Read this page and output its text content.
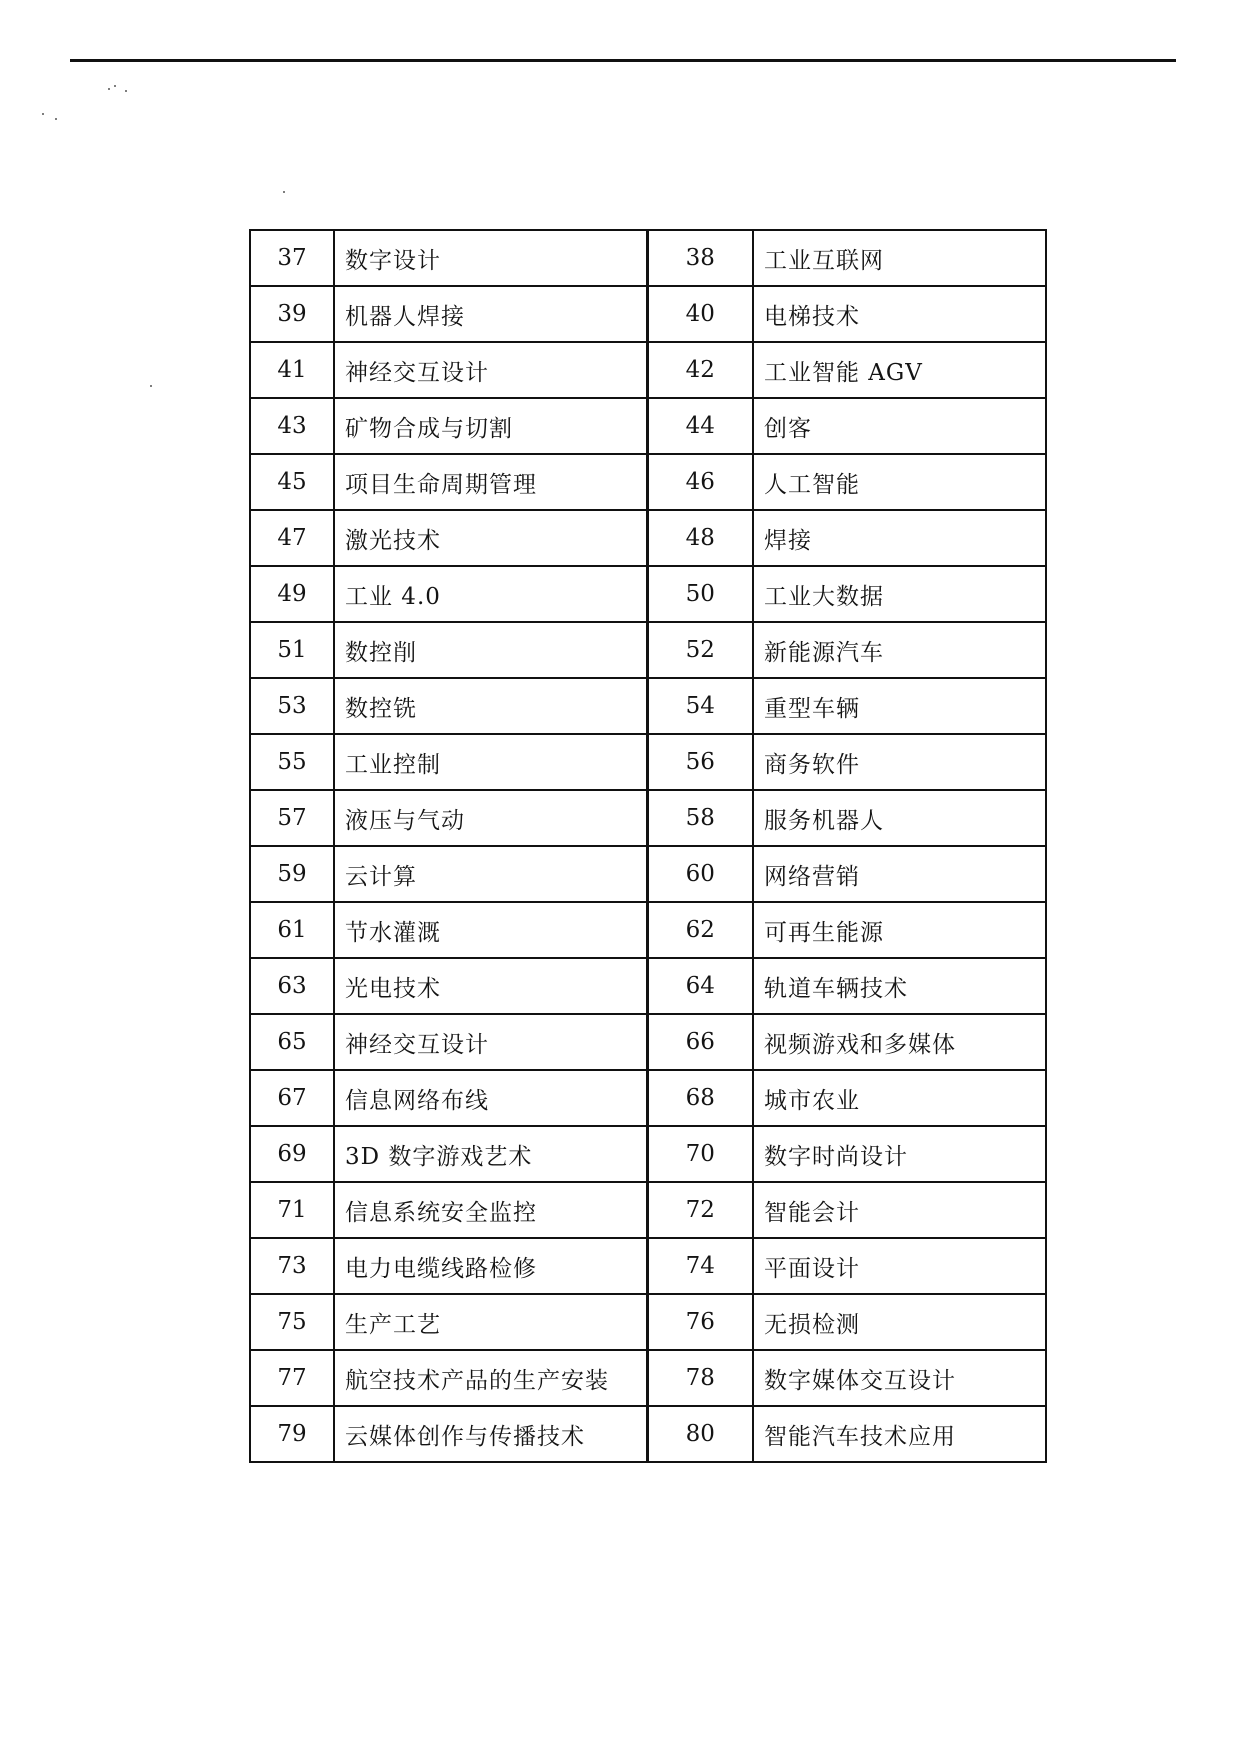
37	数字设计	38	工业互联网
39	机器人焊接	40	电梯技术
41	神经交互设计	42	工业智能 AGV
43	矿物合成与切割	44	创客
45	项目生命周期管理	46	人工智能
47	激光技术	48	焊接
49	工业 4.0	50	工业大数据
51	数控削	52	新能源汽车
53	数控铣	54	重型车辆
55	工业控制	56	商务软件
57	液压与气动	58	服务机器人
59	云计算	60	网络营销
61	节水灌溉	62	可再生能源
63	光电技术	64	轨道车辆技术
65	神经交互设计	66	视频游戏和多媒体
67	信息网络布线	68	城市农业
69	3D 数字游戏艺术	70	数字时尚设计
71	信息系统安全监控	72	智能会计
73	电力电缆线路检修	74	平面设计
75	生产工艺	76	无损检测
77	航空技术产品的生产安装	78	数字媒体交互设计
79	云媒体创作与传播技术	80	智能汽车技术应用
